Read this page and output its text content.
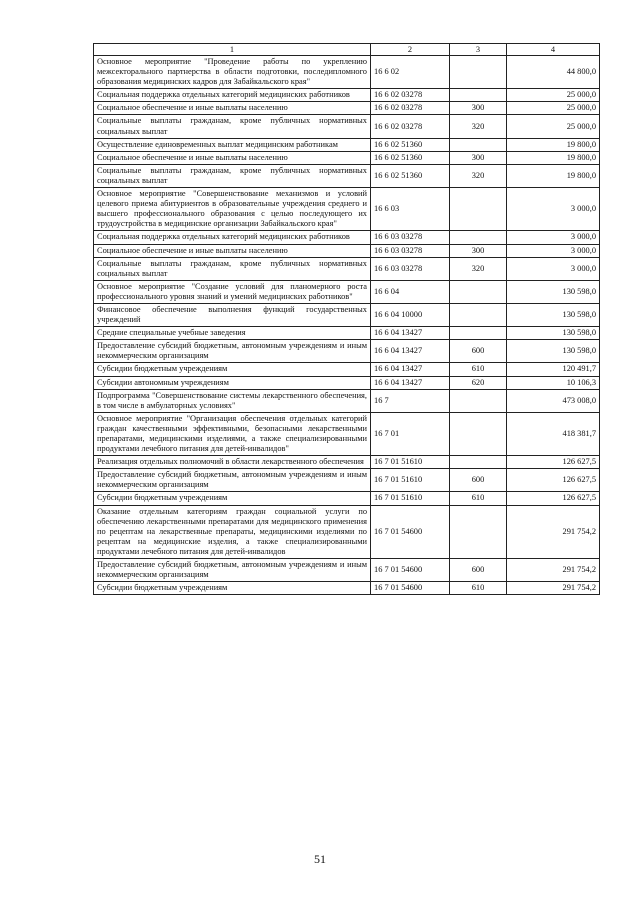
1	2	3	4
Основное мероприятие "Проведение работы по укреплению межсекторального партнерства в области подготовки, последипломного образования медицинских кадров для Забайкальского края"	16 6 02		44 800,0
Социальная поддержка отдельных категорий медицинских работников	16 6 02 03278		25 000,0
Социальное обеспечение и иные выплаты населению	16 6 02 03278	300	25 000,0
Социальные выплаты гражданам, кроме публичных нормативных социальных выплат	16 6 02 03278	320	25 000,0
Осуществление единовременных выплат медицинским работникам	16 6 02 51360		19 800,0
Социальное обеспечение и иные выплаты населению	16 6 02 51360	300	19 800,0
Социальные выплаты гражданам, кроме публичных нормативных социальных выплат	16 6 02 51360	320	19 800,0
Основное мероприятие "Совершенствование механизмов и условий целевого приема абитуриентов в образовательные учреждения среднего и высшего профессионального образования с целью последующего их трудоустройства в медицинские организации Забайкальского края"	16 6 03		3 000,0
Социальная поддержка отдельных категорий медицинских работников	16 6 03 03278		3 000,0
Социальное обеспечение и иные выплаты населению	16 6 03 03278	300	3 000,0
Социальные выплаты гражданам, кроме публичных нормативных социальных выплат	16 6 03 03278	320	3 000,0
Основное мероприятие "Создание условий для планомерного роста профессионального уровня знаний и умений медицинских работников"	16 6 04		130 598,0
Финансовое обеспечение выполнения функций государственных учреждений	16 6 04 10000		130 598,0
Средние специальные учебные заведения	16 6 04 13427		130 598,0
Предоставление субсидий бюджетным, автономным учреждениям и иным некоммерческим организациям	16 6 04 13427	600	130 598,0
Субсидии бюджетным учреждениям	16 6 04 13427	610	120 491,7
Субсидии автономным учреждениям	16 6 04 13427	620	10 106,3
Подпрограмма "Совершенствование системы лекарственного обеспечения, в том числе в амбулаторных условиях"	16 7		473 008,0
Основное мероприятие "Организация обеспечения отдельных категорий граждан качественными эффективными, безопасными лекарственными препаратами, медицинскими изделиями, а также специализированными продуктами лечебного питания для детей-инвалидов"	16 7 01		418 381,7
Реализация отдельных полномочий в области лекарственного обеспечения	16 7 01 51610		126 627,5
Предоставление субсидий бюджетным, автономным учреждениям и иным некоммерческим организациям	16 7 01 51610	600	126 627,5
Субсидии бюджетным учреждениям	16 7 01 51610	610	126 627,5
Оказание отдельным категориям граждан социальной услуги по обеспечению лекарственными препаратами для медицинского применения по рецептам на лекарственные препараты, медицинскими изделиями по рецептам на медицинские изделия, а также специализированными продуктами лечебного питания для детей-инвалидов	16 7 01 54600		291 754,2
Предоставление субсидий бюджетным, автономным учреждениям и иным некоммерческим организациям	16 7 01 54600	600	291 754,2
Субсидии бюджетным учреждениям	16 7 01 54600	610	291 754,2
51
